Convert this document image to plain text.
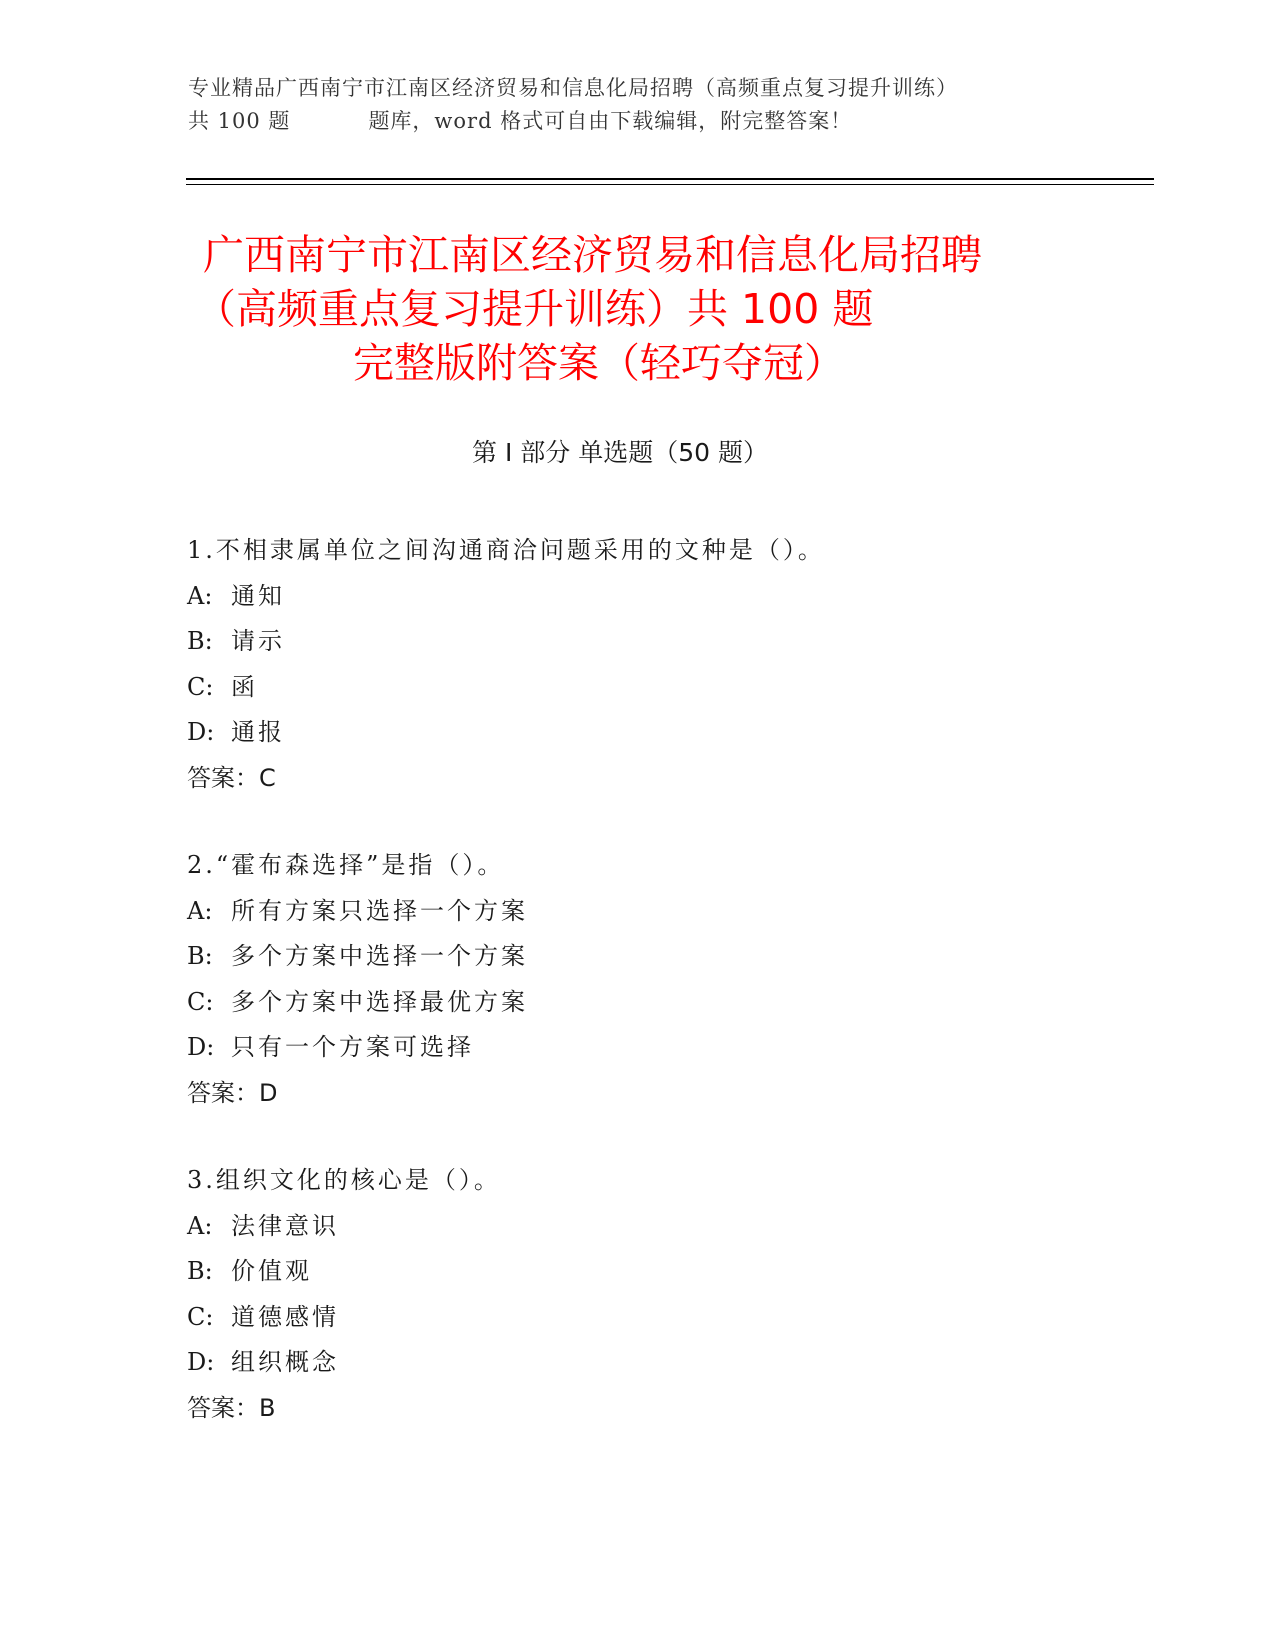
专业精品广西南宁市江南区经济贸易和信息化局招聘（高频重点复习提升训练）
共 100 题	题库，word 格式可自由下载编辑，附完整答案！
广西南宁市江南区经济贸易和信息化局招聘
（高频重点复习提升训练）共 100 题
完整版附答案（轻巧夺冠）
第 I 部分 单选题（50 题）
1.不相隶属单位之间沟通商洽问题采用的文种是（）。
A: 通知
B: 请示
C: 函
D: 通报
答案：C
2.“霍布森选择”是指（）。
A: 所有方案只选择一个方案
B: 多个方案中选择一个方案
C: 多个方案中选择最优方案
D: 只有一个方案可选择
答案：D
3.组织文化的核心是（）。
A: 法律意识
B: 价值观
C: 道德感情
D: 组织概念
答案：B
